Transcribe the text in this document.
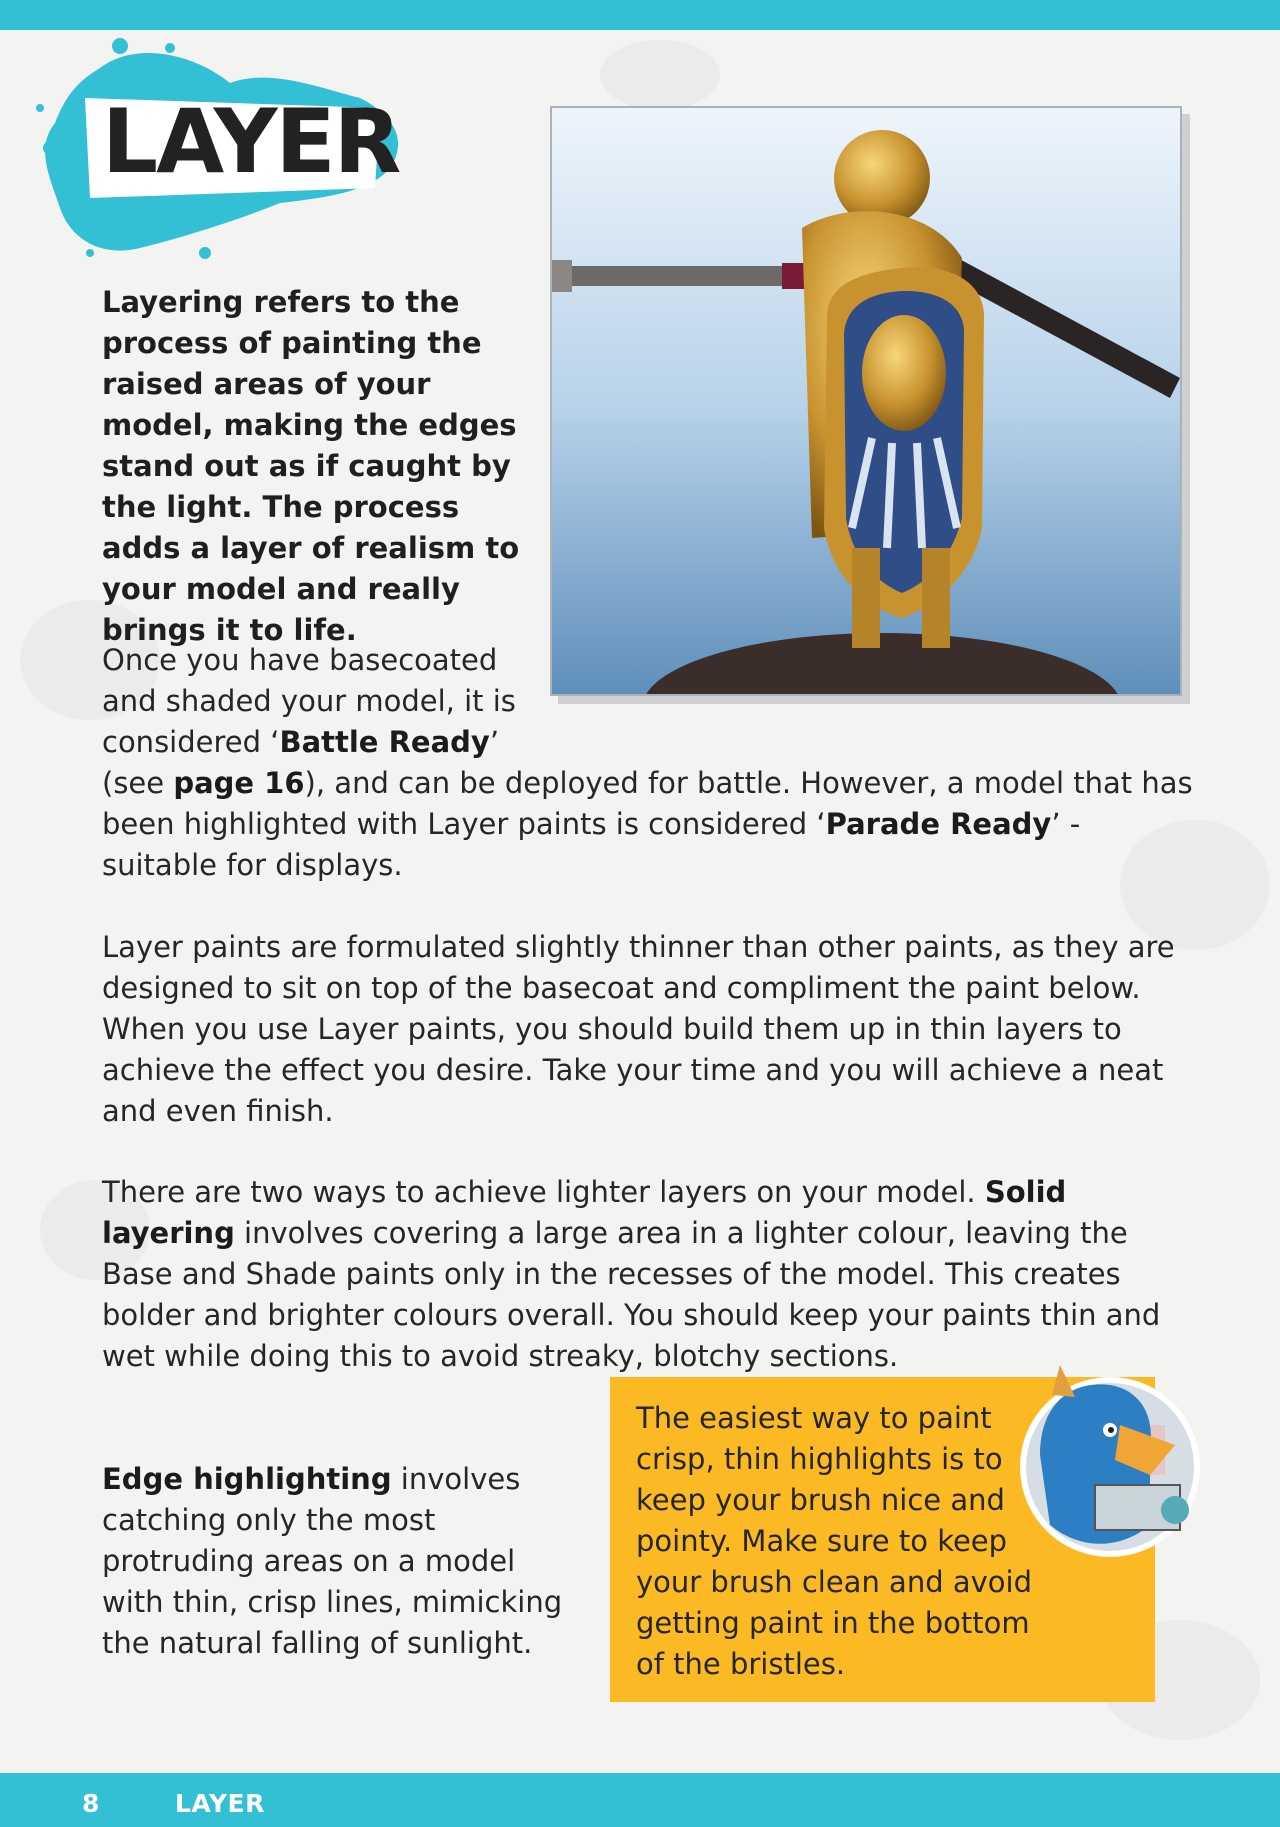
LAYER

Layering refers to the process of painting the raised areas of your model, making the edges stand out as if caught by the light. The process adds a layer of realism to your model and really brings it to life.

Once you have basecoated and shaded your model, it is considered ‘Battle Ready’

(see page 16), and can be deployed for battle. However, a model that has been highlighted with Layer paints is considered ‘Parade Ready’ - suitable for displays.

Layer paints are formulated slightly thinner than other paints, as they are designed to sit on top of the basecoat and compliment the paint below. When you use Layer paints, you should build them up in thin layers to achieve the effect you desire. Take your time and you will achieve a neat and even finish.

There are two ways to achieve lighter layers on your model. Solid layering involves covering a large area in a lighter colour, leaving the Base and Shade paints only in the recesses of the model. This creates bolder and brighter colours overall. You should keep your paints thin and wet while doing this to avoid streaky, blotchy sections.

Edge highlighting involves catching only the most protruding areas on a model with thin, crisp lines, mimicking the natural falling of sunlight.

The easiest way to paint crisp, thin highlights is to keep your brush nice and pointy. Make sure to keep your brush clean and avoid getting paint in the bottom of the bristles.

8	LAYER
